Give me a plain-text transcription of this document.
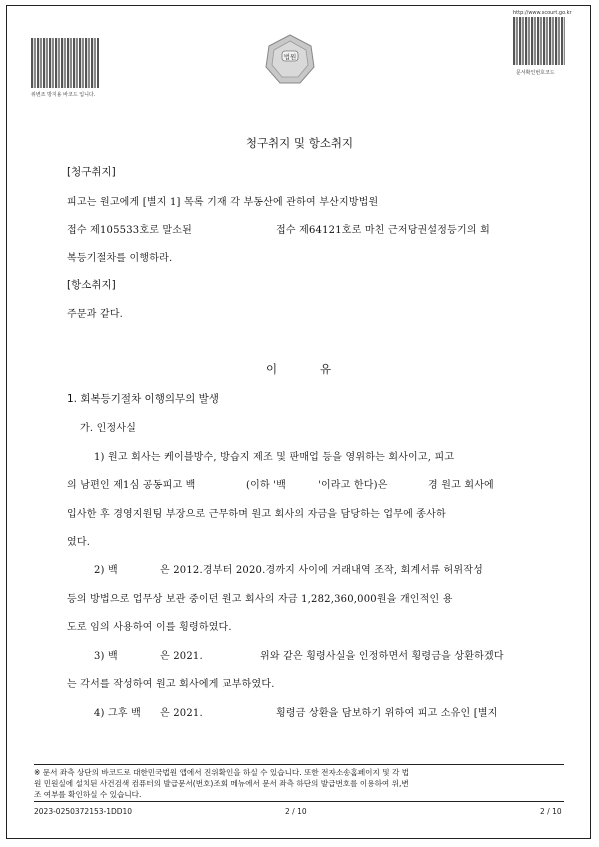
위변조 방지용 바코드 입니다.
법원
http://www.scourt.go.kr
문서확인번호코드
청구취지 및 항소취지
[청구취지]
피고는 원고에게 [별지 1] 목록 기재 각 부동산에 관하여 부산지방법원
접수 제105533호로 말소된	접수 제64121호로 마친 근저당권설정등기의 회
복등기절차를 이행하라.
[항소취지]
주문과 같다.
이	유
1. 회복등기절차 이행의무의 발생
가. 인정사실
1) 원고 회사는 케이블방수, 방습지 제조 및 판매업 등을 영위하는 회사이고, 피고
의 남편인 제1심 공동피고 백	(이하 '백	'이라고 한다)은	경 원고 회사에
입사한 후 경영지원팀 부장으로 근무하며 원고 회사의 자금을 담당하는 업무에 종사하
였다.
2) 백	은 2012.경부터 2020.경까지 사이에 거래내역 조작, 회계서류 허위작성
등의 방법으로 업무상 보관 중이던 원고 회사의 자금 1,282,360,000원을 개인적인 용
도로 임의 사용하여 이를 횡령하였다.
3) 백	은 2021.	위와 같은 횡령사실을 인정하면서 횡령금을 상환하겠다
는 각서를 작성하여 원고 회사에게 교부하였다.
4) 그후 백 은 2021.	횡령금 상환을 담보하기 위하여 피고 소유인 [별지
※ 문서 좌측 상단의 바코드로 대한민국법원 앱에서 진위확인을 하실 수 있습니다. 또한 전자소송홈페이지 및 각 법
원 민원실에 설치된 사건검색 컴퓨터의 발급문서(번호)조회 메뉴에서 문서 좌측 하단의 발급번호를 이용하여 위,변
조 여부를 확인하실 수 있습니다.
2023-0250372153-1DD10	2 / 10	2 / 10
